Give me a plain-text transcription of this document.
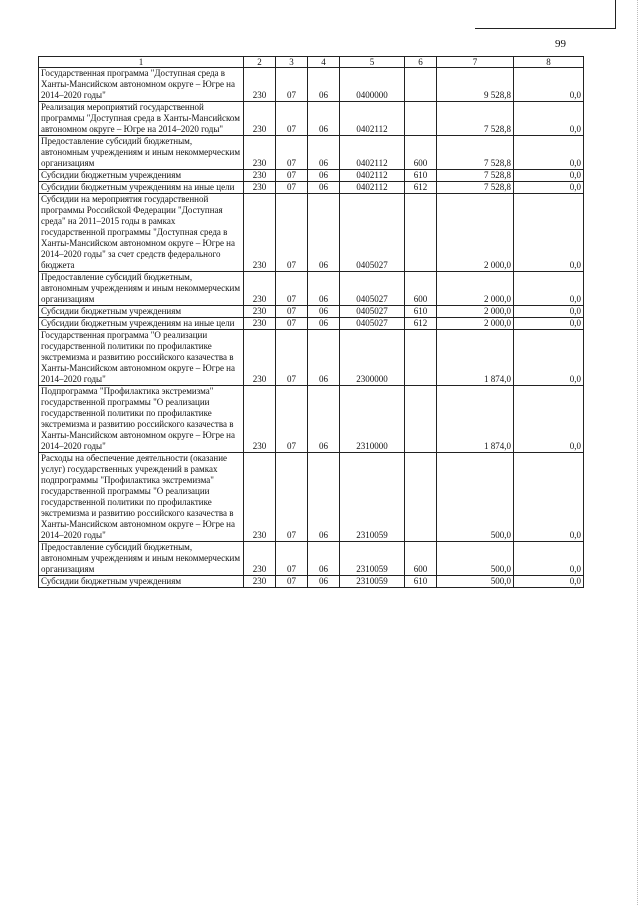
99
1	2	3	4	5	6	7	8
Государственная программа "Доступная среда в Ханты-Мансийском автономном округе – Югре на 2014–2020 годы"	230	07	06	0400000		9 528,8	0,0
Реализация мероприятий государственной программы "Доступная среда в Ханты-Мансийском автономном округе – Югре на 2014–2020 годы"	230	07	06	0402112		7 528,8	0,0
Предоставление субсидий бюджетным, автономным учреждениям и иным некоммерческим организациям	230	07	06	0402112	600	7 528,8	0,0
Субсидии бюджетным учреждениям	230	07	06	0402112	610	7 528,8	0,0
Субсидии бюджетным учреждениям на иные цели	230	07	06	0402112	612	7 528,8	0,0
Субсидии на мероприятия государственной программы Российской Федерации "Доступная среда" на 2011–2015 годы в рамках государственной программы "Доступная среда в Ханты-Мансийском автономном округе – Югре на 2014–2020 годы" за счет средств федерального бюджета	230	07	06	0405027		2 000,0	0,0
Предоставление субсидий бюджетным, автономным учреждениям и иным некоммерческим организациям	230	07	06	0405027	600	2 000,0	0,0
Субсидии бюджетным учреждениям	230	07	06	0405027	610	2 000,0	0,0
Субсидии бюджетным учреждениям на иные цели	230	07	06	0405027	612	2 000,0	0,0
Государственная программа "О реализации государственной политики по профилактике экстремизма и развитию российского казачества в Ханты-Мансийском автономном округе – Югре на 2014–2020 годы"	230	07	06	2300000		1 874,0	0,0
Подпрограмма "Профилактика экстремизма" государственной программы "О реализации государственной политики по профилактике экстремизма и развитию российского казачества в Ханты-Мансийском автономном округе – Югре на 2014–2020 годы"	230	07	06	2310000		1 874,0	0,0
Расходы на обеспечение деятельности (оказание услуг) государственных учреждений в рамках подпрограммы "Профилактика экстремизма" государственной программы "О реализации государственной политики по профилактике экстремизма и развитию российского казачества в Ханты-Мансийском автономном округе – Югре на 2014–2020 годы"	230	07	06	2310059		500,0	0,0
Предоставление субсидий бюджетным, автономным учреждениям и иным некоммерческим организациям	230	07	06	2310059	600	500,0	0,0
Субсидии бюджетным учреждениям	230	07	06	2310059	610	500,0	0,0
